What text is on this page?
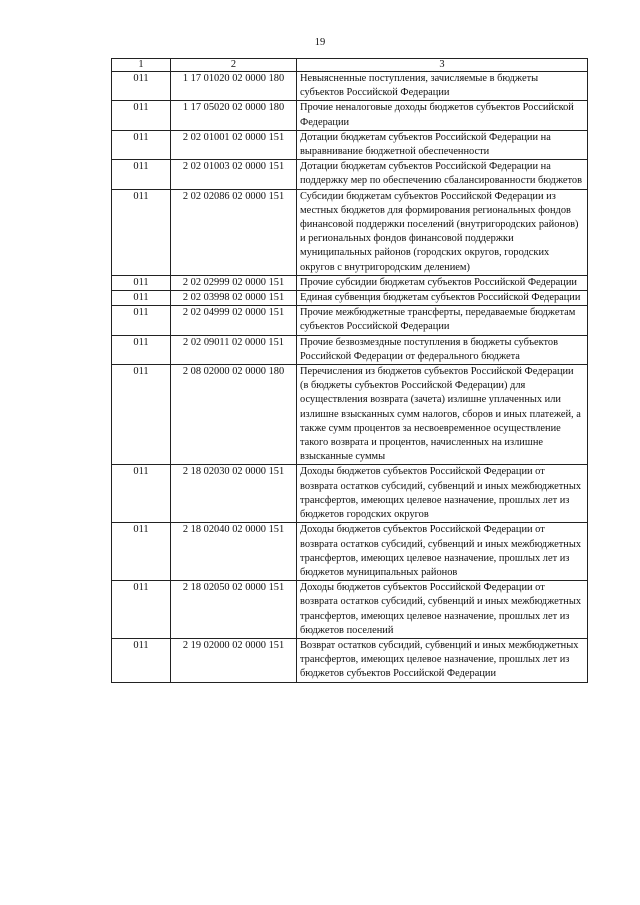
19
1	2	3
011	1 17 01020 02 0000 180	Невыясненные поступления, зачисляемые в бюджеты субъектов Российской Федерации
011	1 17 05020 02 0000 180	Прочие неналоговые доходы бюджетов субъектов Российской Федерации
011	2 02 01001 02 0000 151	Дотации бюджетам субъектов Российской Федерации на выравнивание бюджетной обеспеченности
011	2 02 01003 02 0000 151	Дотации бюджетам субъектов Российской Федерации на поддержку мер по обеспечению сбалансированности бюджетов
011	2 02 02086 02 0000 151	Субсидии бюджетам субъектов Российской Федерации из местных бюджетов для формирования региональных фондов финансовой поддержки поселений (внутригородских районов) и региональных фондов финансовой поддержки муниципальных районов (городских округов, городских округов с внутригородским делением)
011	2 02 02999 02 0000 151	Прочие субсидии бюджетам субъектов Российской Федерации
011	2 02 03998 02 0000 151	Единая субвенция бюджетам субъектов Российской Федерации
011	2 02 04999 02 0000 151	Прочие межбюджетные трансферты, передаваемые бюджетам субъектов Российской Федерации
011	2 02 09011 02 0000 151	Прочие безвозмездные поступления в бюджеты субъектов Российской Федерации от федерального бюджета
011	2 08 02000 02 0000 180	Перечисления из бюджетов субъектов Российской Федерации (в бюджеты субъектов Российской Федерации) для осуществления возврата (зачета) излишне уплаченных или излишне взысканных сумм налогов, сборов и иных платежей, а также сумм процентов за несвоевременное осуществление такого возврата и процентов, начисленных на излишне взысканные суммы
011	2 18 02030 02 0000 151	Доходы бюджетов субъектов Российской Федерации от возврата остатков субсидий, субвенций и иных межбюджетных трансфертов, имеющих целевое назначение, прошлых лет из бюджетов городских округов
011	2 18 02040 02 0000 151	Доходы бюджетов субъектов Российской Федерации от возврата остатков субсидий, субвенций и иных межбюджетных трансфертов, имеющих целевое назначение, прошлых лет из бюджетов муниципальных районов
011	2 18 02050 02 0000 151	Доходы бюджетов субъектов Российской Федерации от возврата остатков субсидий, субвенций и иных межбюджетных трансфертов, имеющих целевое назначение, прошлых лет из бюджетов поселений
011	2 19 02000 02 0000 151	Возврат остатков субсидий, субвенций и иных межбюджетных трансфертов, имеющих целевое назначение, прошлых лет из бюджетов субъектов Российской Федерации
